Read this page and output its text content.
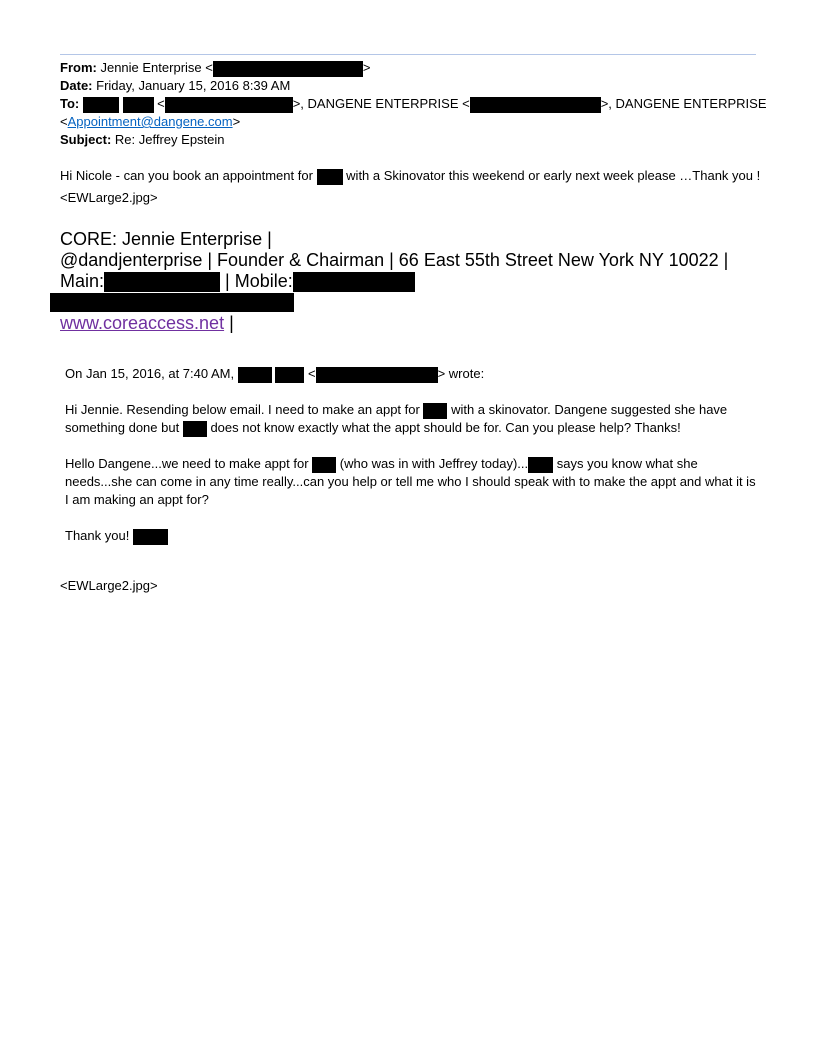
From: Jennie Enterprise <	>
Date: Friday, January 15, 2016 8:39 AM
To:	<	>, DANGENE ENTERPRISE <	>, DANGENE ENTERPRISE
<Appointment@dangene.com>
Subject: Re: Jeffrey Epstein
Hi Nicole - can you book an appointment for	with a Skinovator this weekend or early next week please …Thank you !
<EWLarge2.jpg>
CORE: Jennie Enterprise |
@dandjenterprise | Founder & Chairman | 66 East 55th Street New York NY 10022 |
Main:	| Mobile:
www.coreaccess.net |
On Jan 15, 2016, at 7:40 AM,	<	> wrote:
Hi Jennie. Resending below email. I need to make an appt for with a skinovator. Dangene suggested she have
something done but does not know exactly what the appt should be for. Can you please help? Thanks!
Hello Dangene...we need to make appt for (who was in with Jeffrey today)... says you know what she
needs...she can come in any time really...can you help or tell me who I should speak with to make the appt and what it is
I am making an appt for?
Thank you!
<EWLarge2.jpg>
